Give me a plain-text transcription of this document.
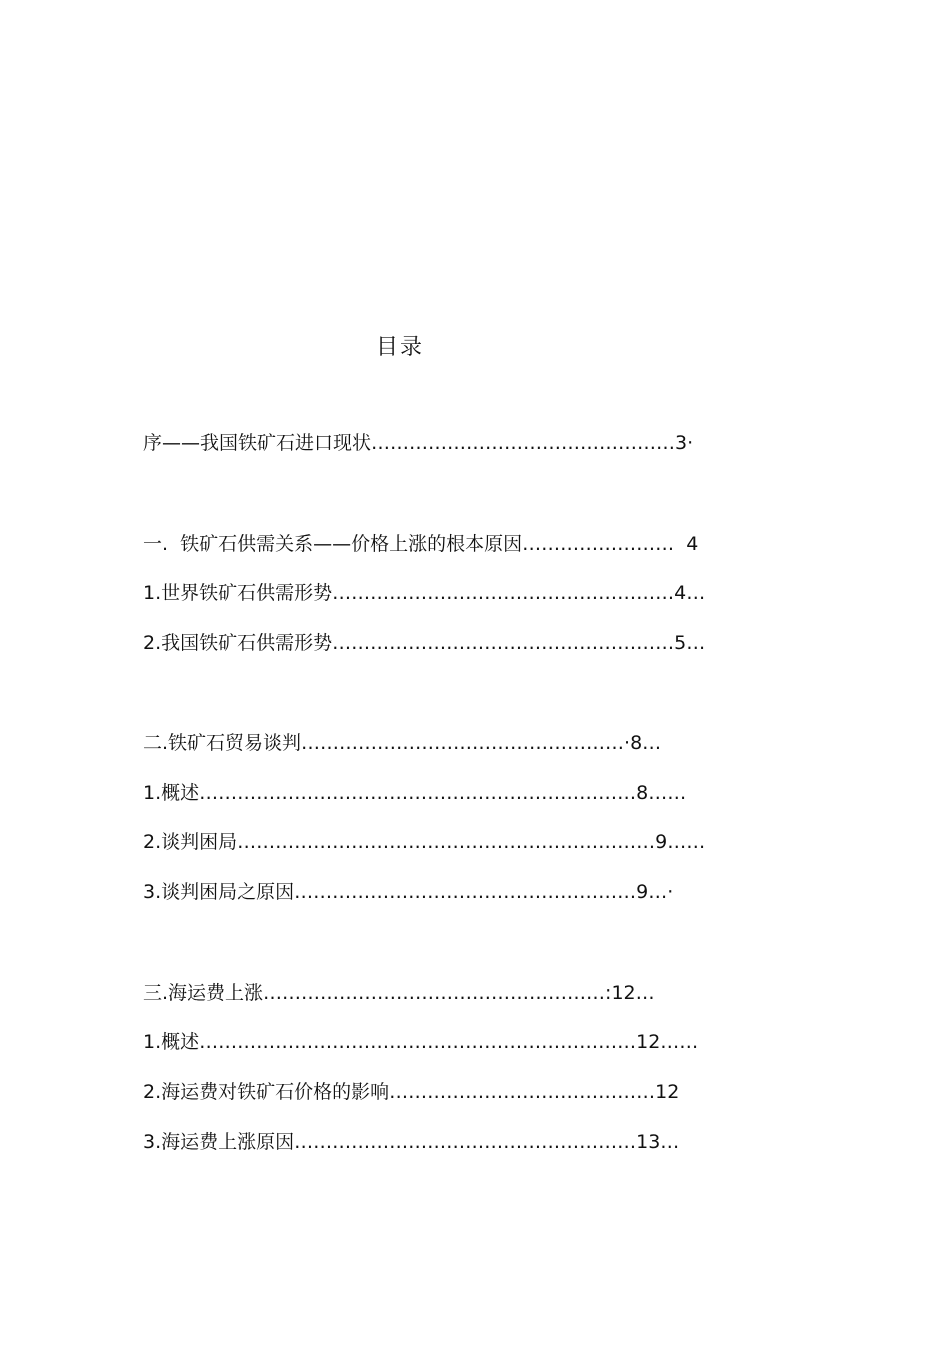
目录
序——我国铁矿石进口现状…………………………………………3·
一.  铁矿石供需关系——价格上涨的根本原因……………………  4
1.世界铁矿石供需形势………………………………………………4…
2.我国铁矿石供需形势………………………………………………5…
二.铁矿石贸易谈判……………………………………………·8…
1.概述……………………………………………………………8……
2.谈判困局…………………………………………………………9……
3.谈判困局之原因………………………………………………9…·
三.海运费上涨………………………………………………:12…
1.概述……………………………………………………………12……
2.海运费对铁矿石价格的影响……………………………………12
3.海运费上涨原因………………………………………………13…
